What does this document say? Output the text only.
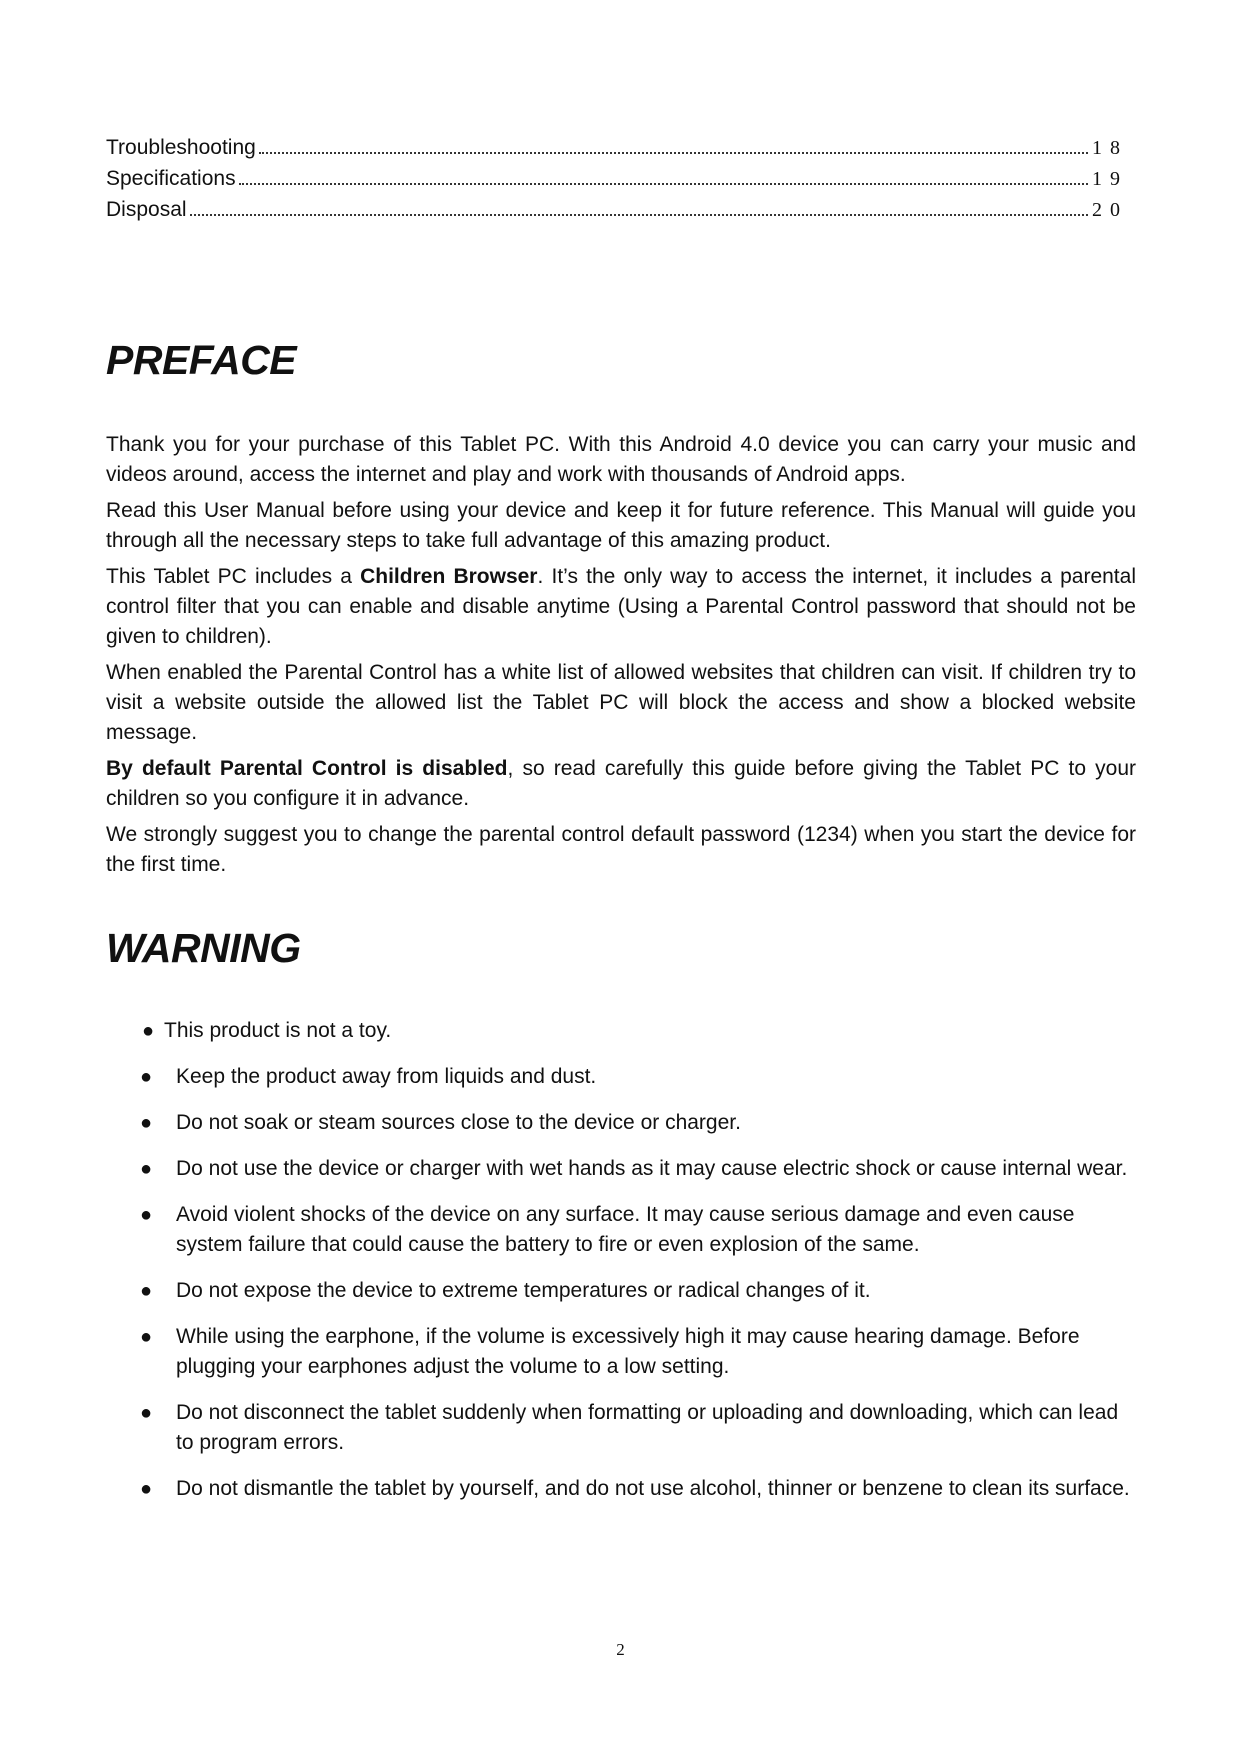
Troubleshooting	18
Specifications	19
Disposal	20
PREFACE

Thank you for your purchase of this Tablet PC. With this Android 4.0 device you can carry your music and videos around, access the internet and play and work with thousands of Android apps.

Read this User Manual before using your device and keep it for future reference. This Manual will guide you through all the necessary steps to take full advantage of this amazing product.

This Tablet PC includes a Children Browser. It’s the only way to access the internet, it includes a parental control filter that you can enable and disable anytime (Using a Parental Control password that should not be given to children).

When enabled the Parental Control has a white list of allowed websites that children can visit. If children try to visit a website outside the allowed list the Tablet PC will block the access and show a blocked website message.

By default Parental Control is disabled, so read carefully this guide before giving the Tablet PC to your children so you configure it in advance.

We strongly suggest you to change the parental control default password (1234) when you start the device for the first time.

WARNING
● This product is not a toy.
● Keep the product away from liquids and dust.
● Do not soak or steam sources close to the device or charger.
● Do not use the device or charger with wet hands as it may cause electric shock or cause internal wear.
● Avoid violent shocks of the device on any surface. It may cause serious damage and even cause system failure that could cause the battery to fire or even explosion of the same.
● Do not expose the device to extreme temperatures or radical changes of it.
● While using the earphone, if the volume is excessively high it may cause hearing damage. Before plugging your earphones adjust the volume to a low setting.
● Do not disconnect the tablet suddenly when formatting or uploading and downloading, which can lead to program errors.
● Do not dismantle the tablet by yourself, and do not use alcohol, thinner or benzene to clean its surface.
2
